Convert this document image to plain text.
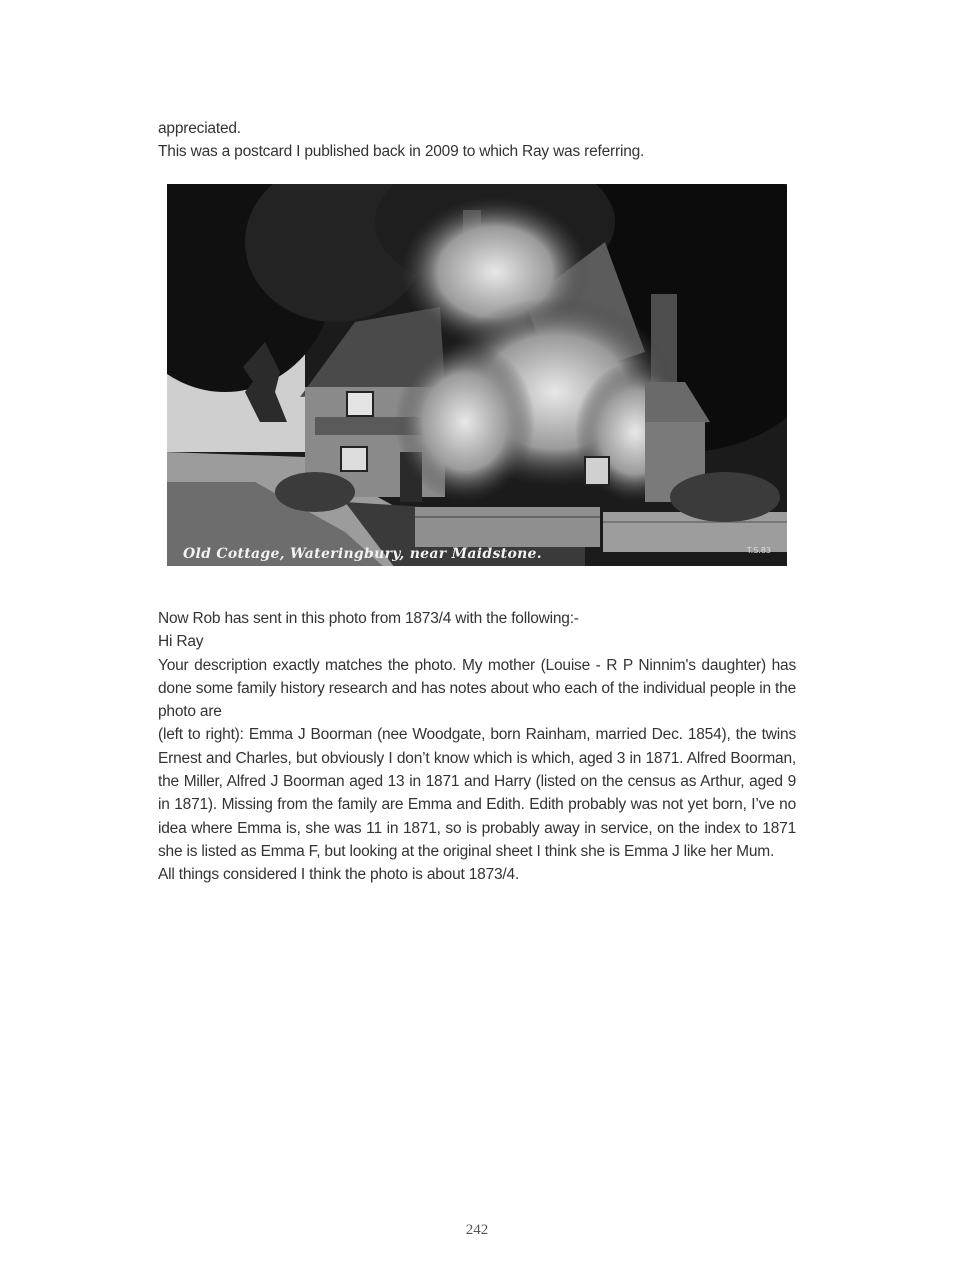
appreciated.

This was a postcard I published back in 2009 to which Ray was referring.

Old Cottage, Wateringbury, near Maidstone.	T.S.83

Now Rob has sent in this photo from 1873/4 with the following:-

Hi Ray

Your description exactly matches the photo. My mother (Louise - R P Ninnim's daughter) has done some family history research and has notes about who each of the individual people in the photo are

(left to right): Emma J Boorman (nee Woodgate, born Rainham, married Dec. 1854), the twins Ernest and Charles, but obviously I don’t know which is which, aged 3 in 1871. Alfred Boorman, the Miller, Alfred J Boorman aged 13 in 1871 and Harry (listed on the census as Arthur, aged 9 in 1871). Missing from the family are Emma and Edith. Edith probably was not yet born, I’ve no idea where Emma is, she was 11 in 1871, so is probably away in service, on the index to 1871 she is listed as Emma F, but looking at the original sheet I think she is Emma J like her Mum.

All things considered I think the photo is about 1873/4.

242
